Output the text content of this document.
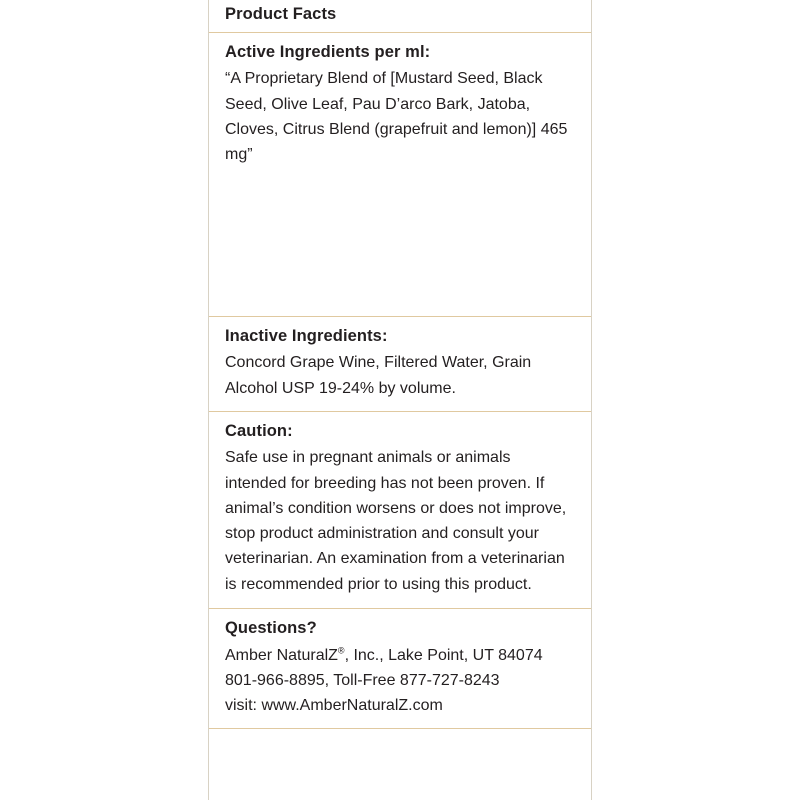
Product Facts
Active Ingredients per ml:
“A Proprietary Blend of [Mustard Seed, Black Seed, Olive Leaf, Pau D’arco Bark, Jatoba, Cloves, Citrus Blend (grapefruit and lemon)] 465 mg”
Inactive Ingredients:
Concord Grape Wine, Filtered Water, Grain Alcohol USP 19-24% by volume.
Caution:
Safe use in pregnant animals or animals intended for breeding has not been proven. If animal’s condition worsens or does not improve, stop product administration and consult your veterinarian. An examination from a veterinarian is recommended prior to using this product.
Questions?
Amber NaturalZ®, Inc., Lake Point, UT 84074
801-966-8895, Toll-Free 877-727-8243
visit: www.AmberNaturalZ.com
